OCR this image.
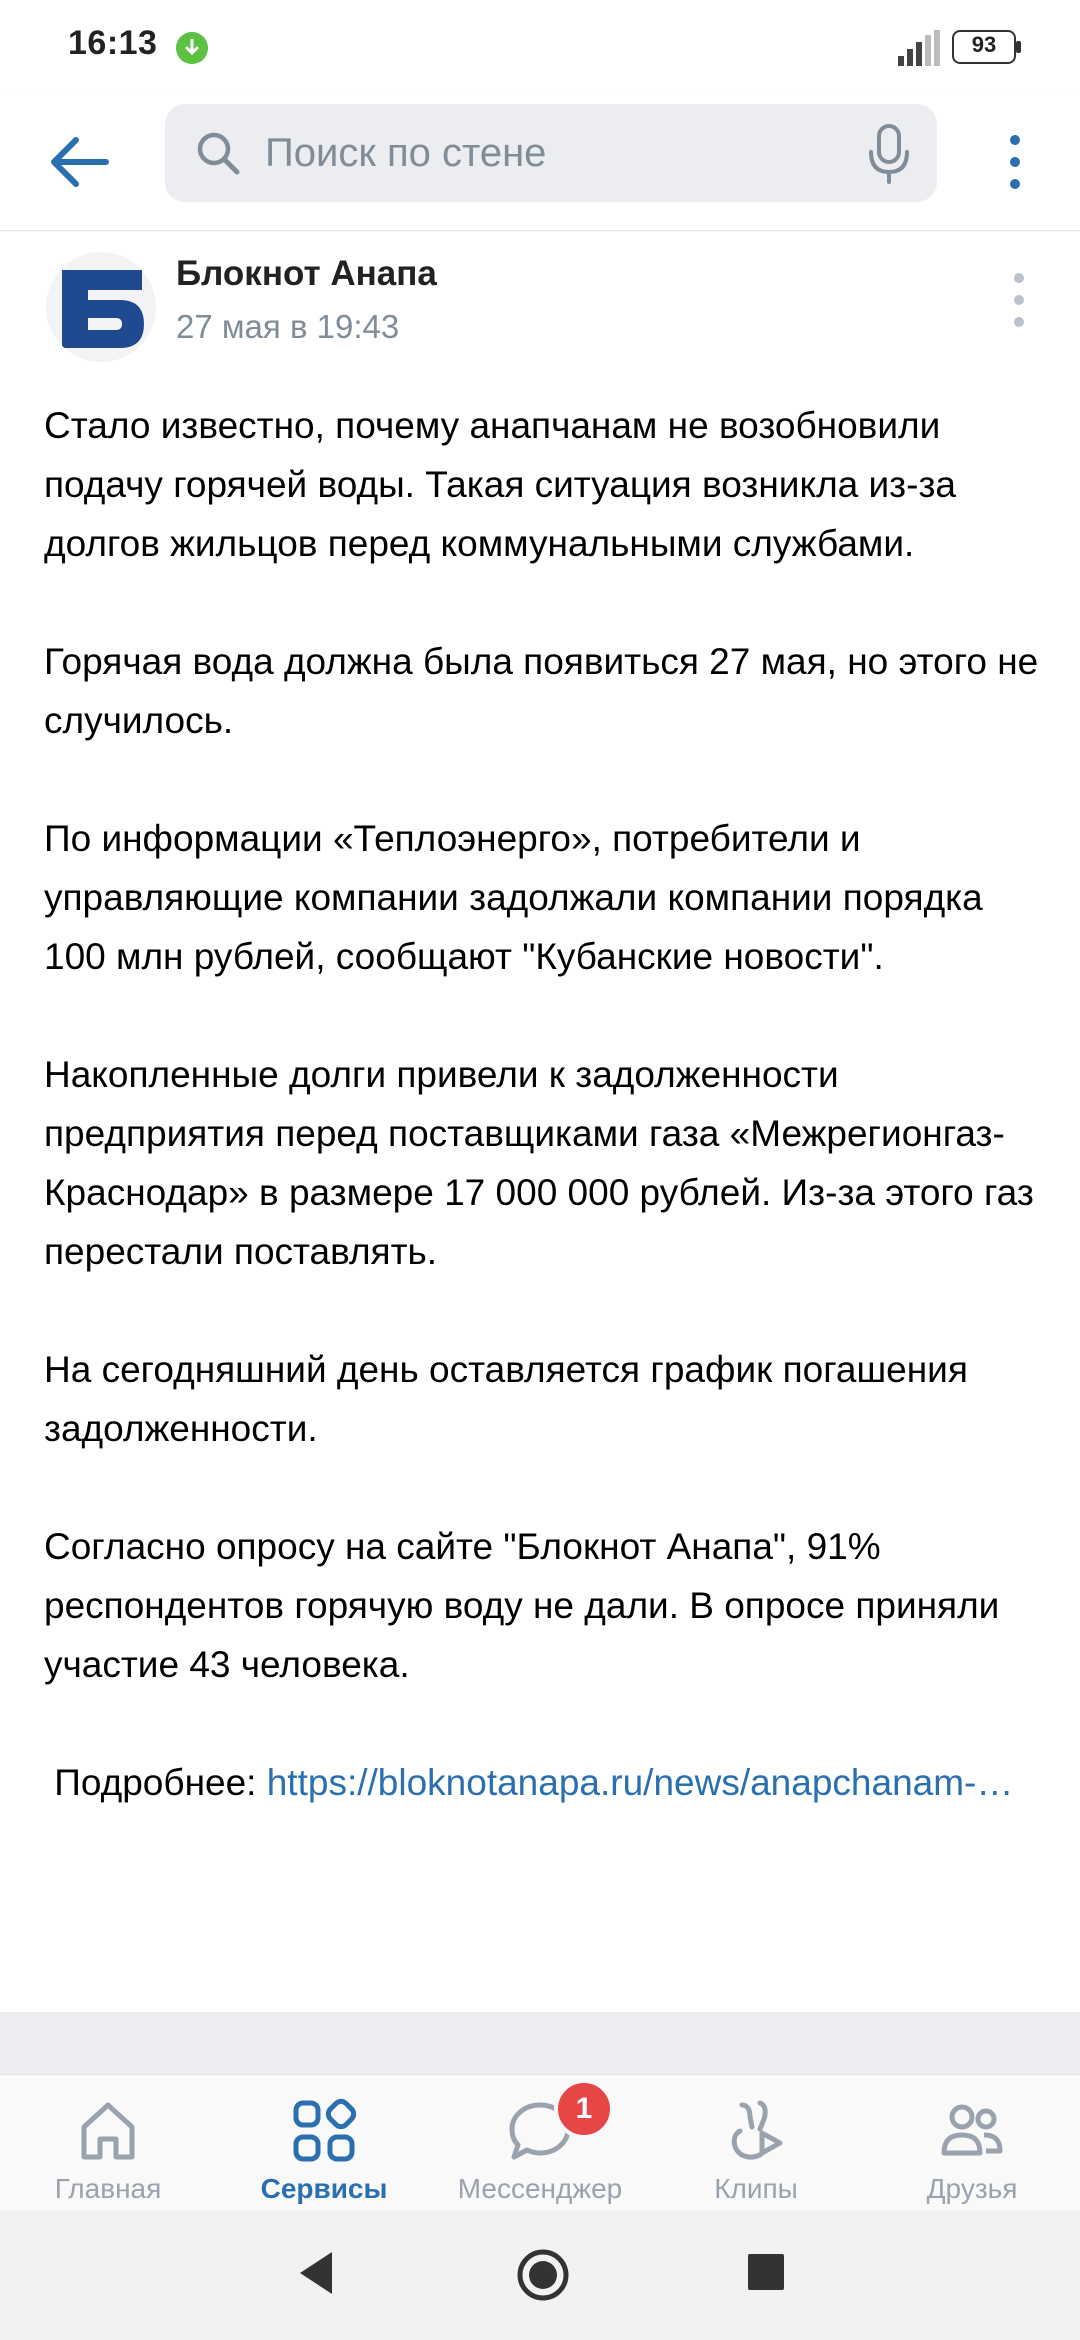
16:13	93
Поиск по стене
Блокнот Анапа
27 мая в 19:43

Стало известно, почему анапчанам не возобновили подачу горячей воды. Такая ситуация возникла из-за долгов жильцов перед коммунальными службами.

Горячая вода должна была появиться 27 мая, но этого не случилось.

По информации «Теплоэнерго», потребители и управляющие компании задолжали компании порядка 100 млн рублей, сообщают "Кубанские новости".

Накопленные долги привели к задолженности предприятия перед поставщиками газа «Межрегионгаз-Краснодар» в размере 17 000 000 рублей. Из-за этого газ перестали поставлять.

На сегодняшний день оставляется график погашения задолженности.

Согласно опросу на сайте "Блокнот Анапа", 91% респондентов горячую воду не дали. В опросе приняли участие 43 человека.

Подробнее: https://bloknotanapa.ru/news/anapchanam-…

Главная	Сервисы
1
Мессенджер	Клипы	Друзья
